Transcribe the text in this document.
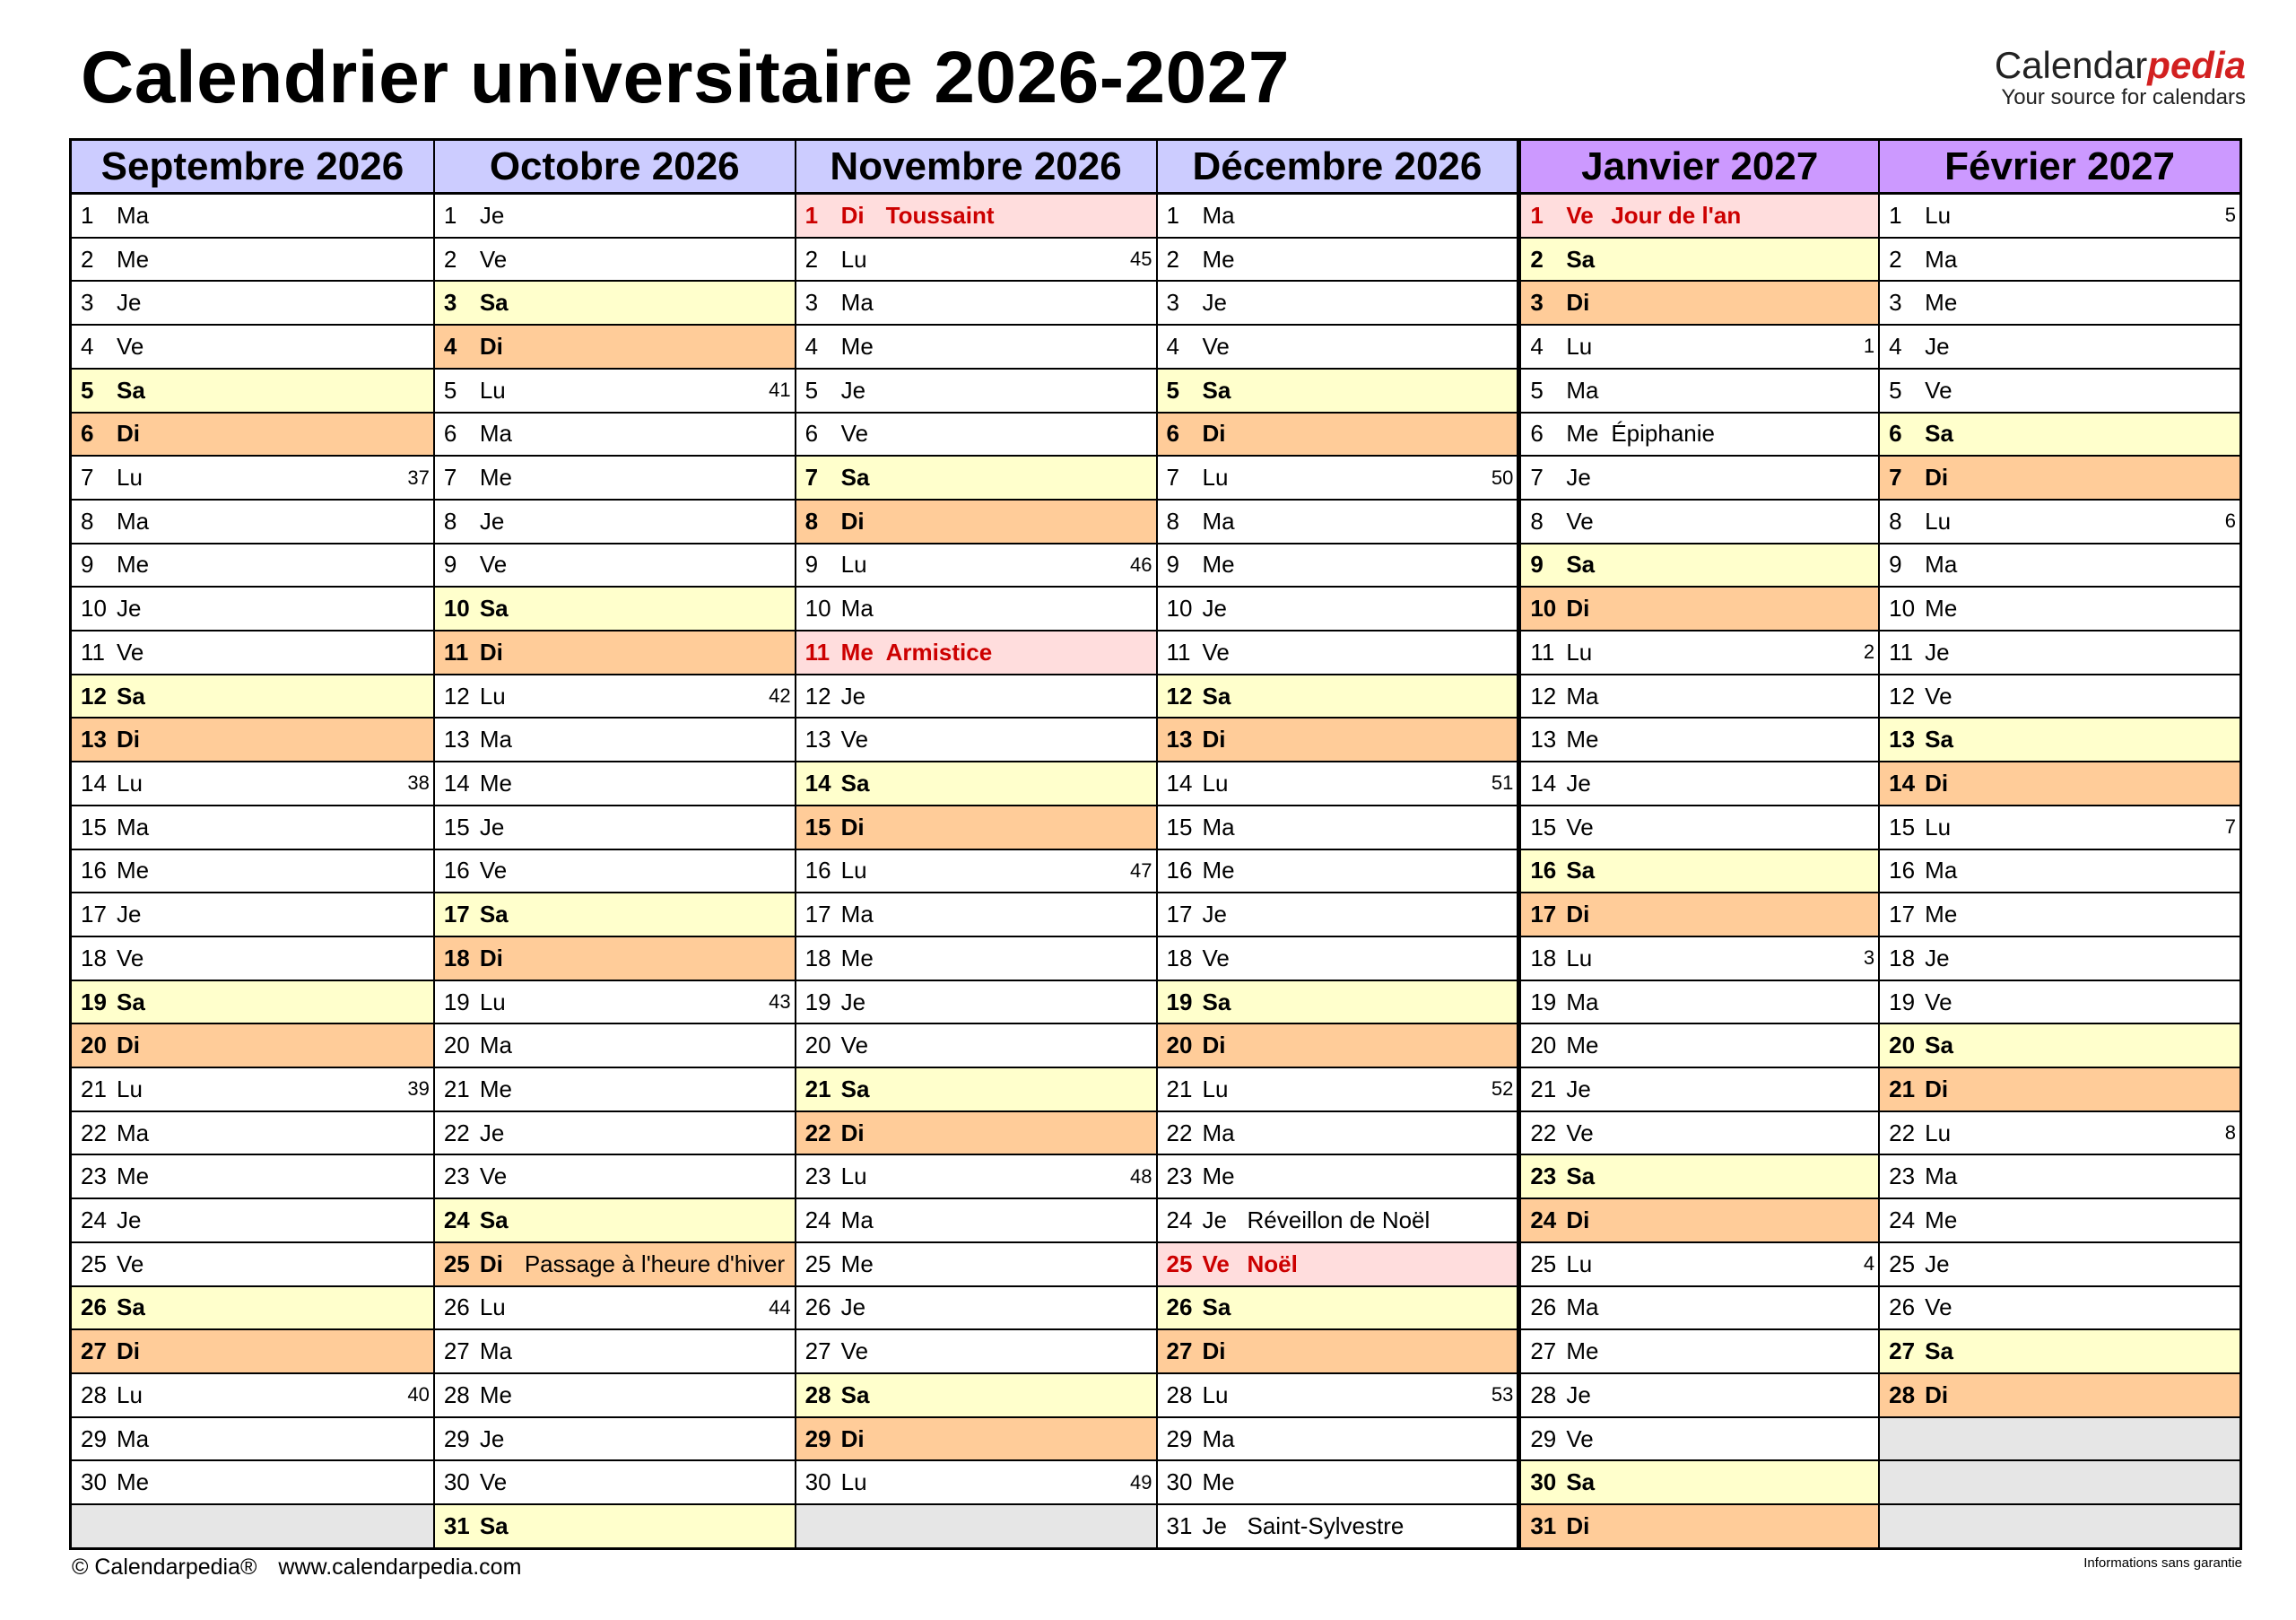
Calendrier universitaire 2026-2027	Calendarpedia
Your source for calendars
Septembre 2026
1 Ma
2 Me
3 Je
4 Ve
5 Sa
6 Di
7 Lu	37
8 Ma
9 Me
10 Je
11 Ve
12 Sa
13 Di
14 Lu	38
15 Ma
16 Me
17 Je
18 Ve
19 Sa
20 Di
21 Lu	39
22 Ma
23 Me
24 Je
25 Ve
26 Sa
27 Di
28 Lu	40
29 Ma
30 Me
Octobre 2026
1 Je
2 Ve
3 Sa
4 Di
5 Lu	41
6 Ma
7 Me
8 Je
9 Ve
10 Sa
11 Di
12 Lu	42
13 Ma
14 Me
15 Je
16 Ve
17 Sa
18 Di
19 Lu	43
20 Ma
21 Me
22 Je
23 Ve
24 Sa
25 Di Passage à l'heure d'hiver
26 Lu	44
27 Ma
28 Me
29 Je
30 Ve
31 Sa
Novembre 2026
1 Di Toussaint
2 Lu	45
3 Ma
4 Me
5 Je
6 Ve
7 Sa
8 Di
9 Lu	46
10 Ma
11 Me Armistice
12 Je
13 Ve
14 Sa
15 Di
16 Lu	47
17 Ma
18 Me
19 Je
20 Ve
21 Sa
22 Di
23 Lu	48
24 Ma
25 Me
26 Je
27 Ve
28 Sa
29 Di
30 Lu	49
Décembre 2026
1 Ma
2 Me
3 Je
4 Ve
5 Sa
6 Di
7 Lu	50
8 Ma
9 Me
10 Je
11 Ve
12 Sa
13 Di
14 Lu	51
15 Ma
16 Me
17 Je
18 Ve
19 Sa
20 Di
21 Lu	52
22 Ma
23 Me
24 Je Réveillon de Noël
25 Ve Noël
26 Sa
27 Di
28 Lu	53
29 Ma
30 Me
31 Je Saint-Sylvestre
Janvier 2027
1 Ve Jour de l'an
2 Sa
3 Di
4 Lu	1
5 Ma
6 Me Épiphanie
7 Je
8 Ve
9 Sa
10 Di
11 Lu	2
12 Ma
13 Me
14 Je
15 Ve
16 Sa
17 Di
18 Lu	3
19 Ma
20 Me
21 Je
22 Ve
23 Sa
24 Di
25 Lu	4
26 Ma
27 Me
28 Je
29 Ve
30 Sa
31 Di
Février 2027
1 Lu	5
2 Ma
3 Me
4 Je
5 Ve
6 Sa
7 Di
8 Lu	6
9 Ma
10 Me
11 Je
12 Ve
13 Sa
14 Di
15 Lu	7
16 Ma
17 Me
18 Je
19 Ve
20 Sa
21 Di
22 Lu	8
23 Ma
24 Me
25 Je
26 Ve
27 Sa
28 Di
© Calendarpedia® www.calendarpedia.com	Informations sans garantie
